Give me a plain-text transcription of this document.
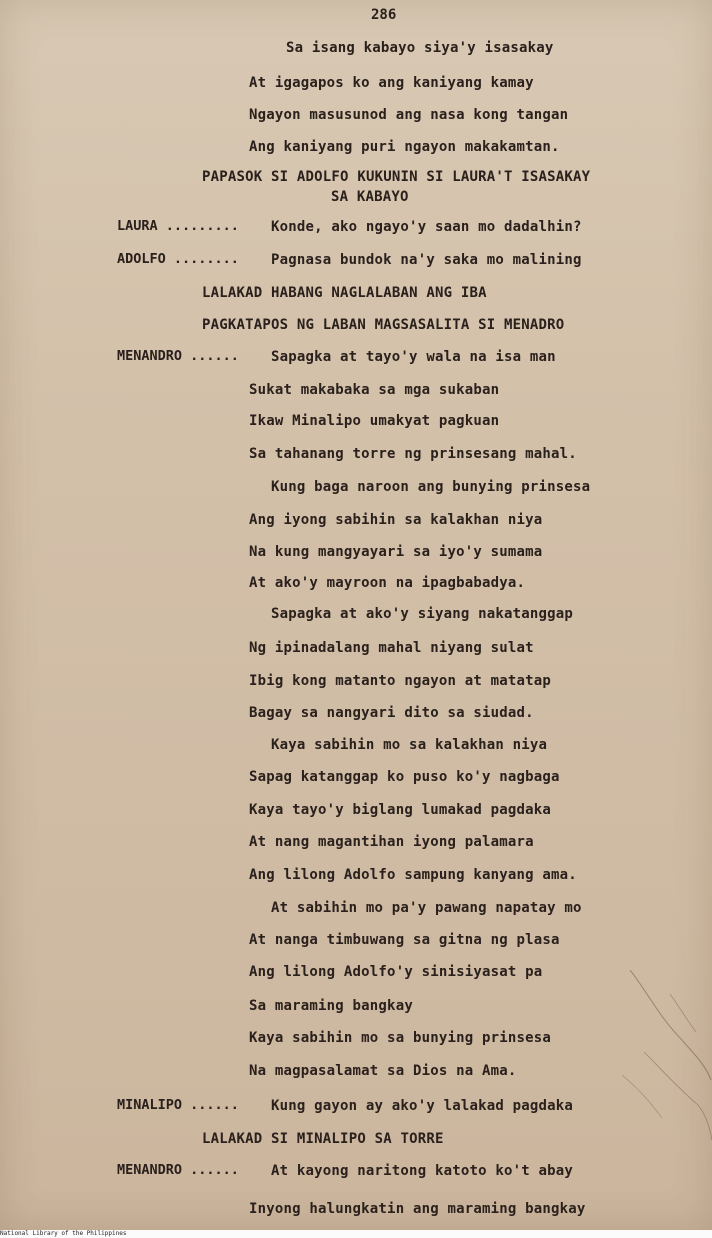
286
Sa isang kabayo siya'y isasakay
At igagapos ko ang kaniyang kamay
Ngayon masusunod ang nasa kong tangan
Ang kaniyang puri ngayon makakamtan.
PAPASOK SI ADOLFO KUKUNIN SI LAURA'T ISASAKAY
SA KABAYO
LAURA ......... Konde, ako ngayo'y saan mo dadalhin?
ADOLFO ........ Pagnasa bundok na'y saka mo malining
LALAKAD HABANG NAGLALABAN ANG IBA
PAGKATAPOS NG LABAN MAGSASALITA SI MENADRO
MENANDRO ...... Sapagka at tayo'y wala na isa man
Sukat makabaka sa mga sukaban
Ikaw Minalipo umakyat pagkuan
Sa tahanang torre ng prinsesang mahal.
Kung baga naroon ang bunying prinsesa
Ang iyong sabihin sa kalakhan niya
Na kung mangyayari sa iyo'y sumama
At ako'y mayroon na ipagbabadya.
Sapagka at ako'y siyang nakatanggap
Ng ipinadalang mahal niyang sulat
Ibig kong matanto ngayon at matatap
Bagay sa nangyari dito sa siudad.
Kaya sabihin mo sa kalakhan niya
Sapag katanggap ko puso ko'y nagbaga
Kaya tayo'y biglang lumakad pagdaka
At nang magantihan iyong palamara
Ang lilong Adolfo sampung kanyang ama.
At sabihin mo pa'y pawang napatay mo
At nanga timbuwang sa gitna ng plasa
Ang lilong Adolfo'y sinisiyasat pa
Sa maraming bangkay
Kaya sabihin mo sa bunying prinsesa
Na magpasalamat sa Dios na Ama.
MINALIPO ...... Kung gayon ay ako'y lalakad pagdaka
LALAKAD SI MINALIPO SA TORRE
MENANDRO ...... At kayong naritong katoto ko't abay
Inyong halungkatin ang maraming bangkay
National Library of the Philippines
